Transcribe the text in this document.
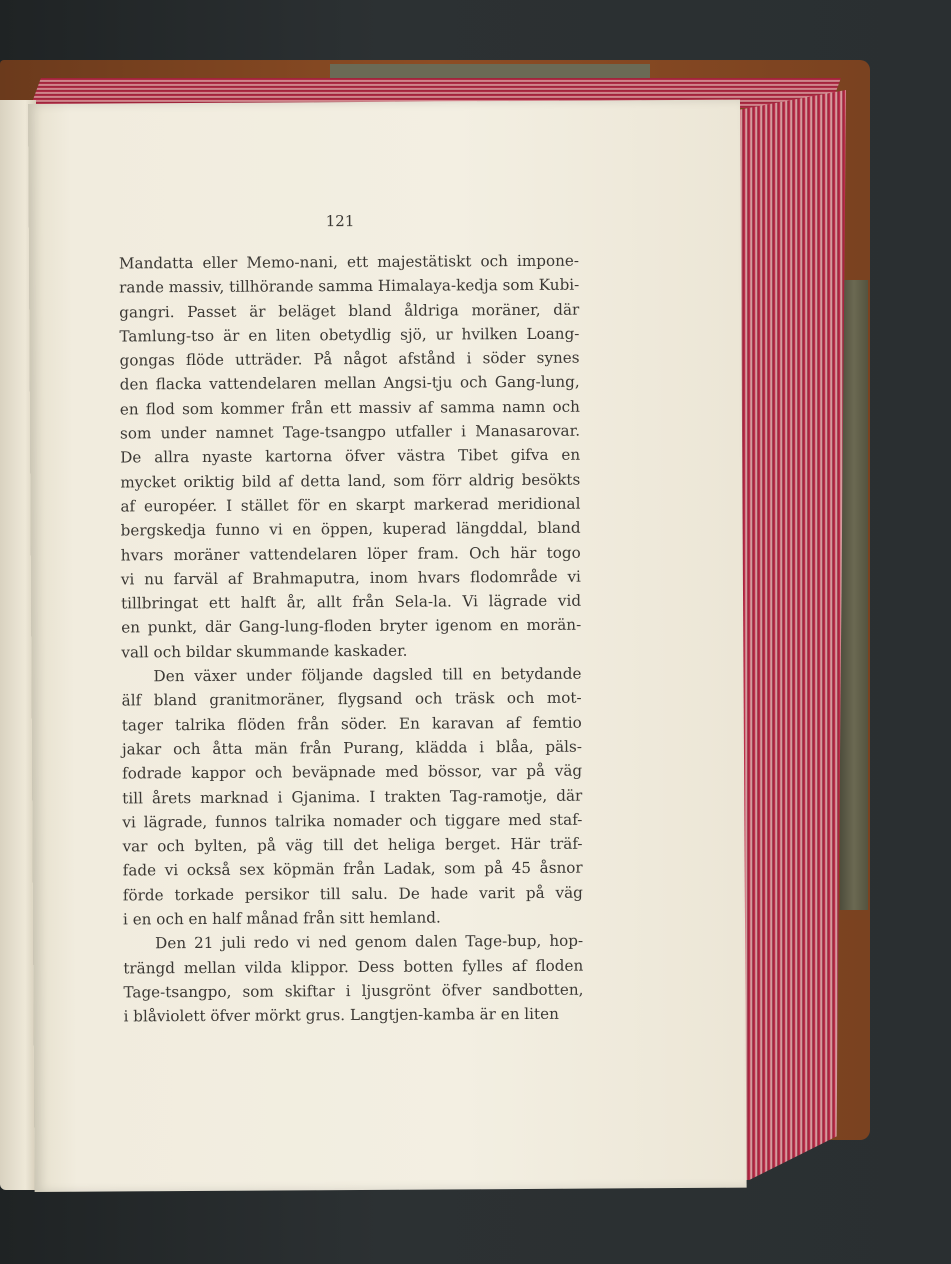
121

Mandatta eller Memo-nani, ett majestätiskt och impone-
rande massiv, tillhörande samma Himalaya-kedja som Kubi-
gangri. Passet är beläget bland åldriga moräner, där
Tamlung-tso är en liten obetydlig sjö, ur hvilken Loang-
gongas flöde utträder. På något afstånd i söder synes
den flacka vattendelaren mellan Angsi-tju och Gang-lung,
en flod som kommer från ett massiv af samma namn och
som under namnet Tage-tsangpo utfaller i Manasarovar.
De allra nyaste kartorna öfver västra Tibet gifva en
mycket oriktig bild af detta land, som förr aldrig besökts
af européer. I stället för en skarpt markerad meridional
bergskedja funno vi en öppen, kuperad längddal, bland
hvars moräner vattendelaren löper fram. Och här togo
vi nu farväl af Brahmaputra, inom hvars flodområde vi
tillbringat ett halft år, allt från Sela-la. Vi lägrade vid
en punkt, där Gang-lung-floden bryter igenom en morän-
vall och bildar skummande kaskader.

Den växer under följande dagsled till en betydande
älf bland granitmoräner, flygsand och träsk och mot-
tager talrika flöden från söder. En karavan af femtio
jakar och åtta män från Purang, klädda i blåa, päls-
fodrade kappor och beväpnade med bössor, var på väg
till årets marknad i Gjanima. I trakten Tag-ramotje, där
vi lägrade, funnos talrika nomader och tiggare med staf-
var och bylten, på väg till det heliga berget. Här träf-
fade vi också sex köpmän från Ladak, som på 45 åsnor
förde torkade persikor till salu. De hade varit på väg
i en och en half månad från sitt hemland.

Den 21 juli redo vi ned genom dalen Tage-bup, hop-
trängd mellan vilda klippor. Dess botten fylles af floden
Tage-tsangpo, som skiftar i ljusgrönt öfver sandbotten,
i blåviolett öfver mörkt grus. Langtjen-kamba är en liten
